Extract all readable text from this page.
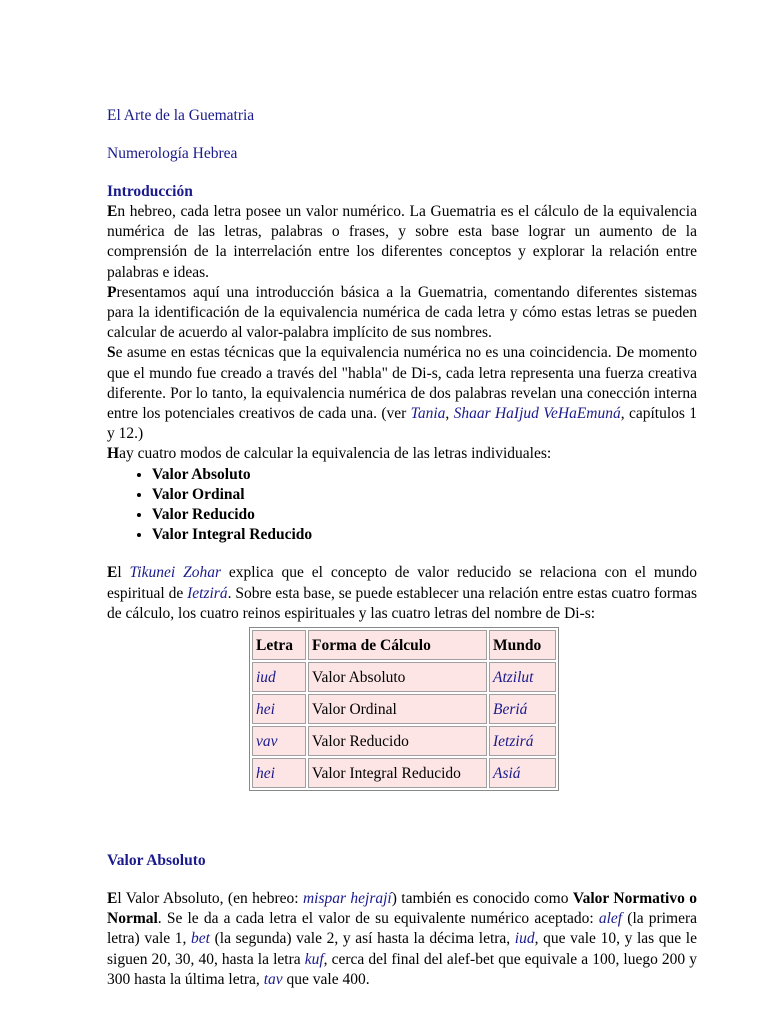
El Arte de la Guematria
Numerología Hebrea
Introducción

En hebreo, cada letra posee un valor numérico. La Guematria es el cálculo de la equivalencia numérica de las letras, palabras o frases, y sobre esta base lograr un aumento de la comprensión de la interrelación entre los diferentes conceptos y explorar la relación entre palabras e ideas.

Presentamos aquí una introducción básica a la Guematria, comentando diferentes sistemas para la identificación de la equivalencia numérica de cada letra y cómo estas letras se pueden calcular de acuerdo al valor-palabra implícito de sus nombres.

Se asume en estas técnicas que la equivalencia numérica no es una coincidencia. De momento que el mundo fue creado a través del "habla" de Di-s, cada letra representa una fuerza creativa diferente. Por lo tanto, la equivalencia numérica de dos palabras revelan una conección interna entre los potenciales creativos de cada una. (ver Tania, Shaar HaIjud VeHaEmuná, capítulos 1 y 12.)

Hay cuatro modos de calcular la equivalencia de las letras individuales:

• Valor Absoluto
• Valor Ordinal
• Valor Reducido
• Valor Integral Reducido

El Tikunei Zohar explica que el concepto de valor reducido se relaciona con el mundo espiritual de Ietzirá. Sobre esta base, se puede establecer una relación entre estas cuatro formas de cálculo, los cuatro reinos espirituales y las cuatro letras del nombre de Di-s:

Letra	Forma de Cálculo	Mundo
iud	Valor Absoluto	Atzilut
hei	Valor Ordinal	Beriá
vav	Valor Reducido	Ietzirá
hei	Valor Integral Reducido	Asiá
Valor Absoluto

El Valor Absoluto, (en hebreo: mispar hejrají) también es conocido como Valor Normativo o Normal. Se le da a cada letra el valor de su equivalente numérico aceptado: alef (la primera letra) vale 1, bet (la segunda) vale 2, y así hasta la décima letra, iud, que vale 10, y las que le siguen 20, 30, 40, hasta la letra kuf, cerca del final del alef-bet que equivale a 100, luego 200 y 300 hasta la última letra, tav que vale 400.
